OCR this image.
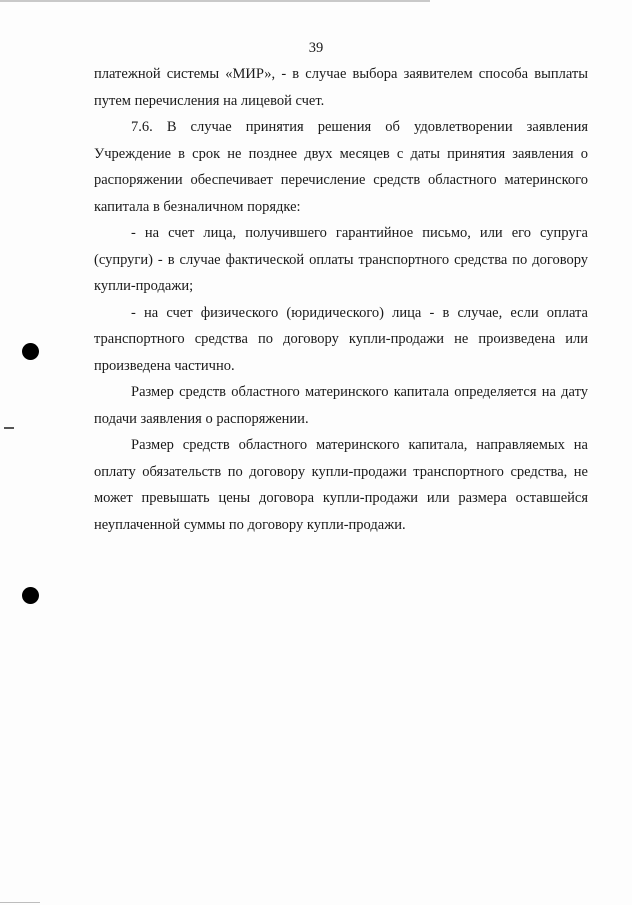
39

платежной системы «МИР», - в случае выбора заявителем способа выплаты путем перечисления на лицевой счет.

7.6. В случае принятия решения об удовлетворении заявления Учреждение в срок не позднее двух месяцев с даты принятия заявления о распоряжении обеспечивает перечисление средств областного материнского капитала в безналичном порядке:

- на счет лица, получившего гарантийное письмо, или его супруга (супруги) - в случае фактической оплаты транспортного средства по договору купли-продажи;

- на счет физического (юридического) лица - в случае, если оплата транспортного средства по договору купли-продажи не произведена или произведена частично.

Размер средств областного материнского капитала определяется на дату подачи заявления о распоряжении.

Размер средств областного материнского капитала, направляемых на оплату обязательств по договору купли-продажи транспортного средства, не может превышать цены договора купли-продажи или размера оставшейся неуплаченной суммы по договору купли-продажи.
